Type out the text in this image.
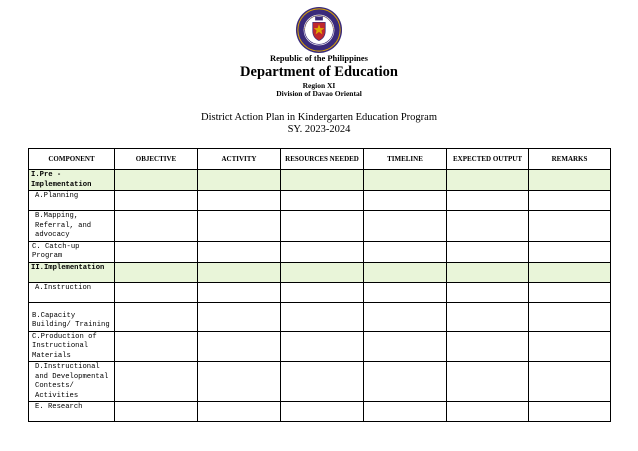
Republic of the Philippines
Department of Education
Region XI
Division of Davao Oriental
District Action Plan in Kindergarten Education Program
SY. 2023-2024
COMPONENT	OBJECTIVE	ACTIVITY	RESOURCES NEEDED	TIMELINE	EXPECTED OUTPUT	REMARKS
I.Pre - Implementation						
A.Planning						
B.Mapping, Referral, and advocacy						
C. Catch-up Program						
II.Implementation						
A.Instruction						
B.Capacity Building/ Training						
C.Production of Instructional Materials						
D.Instructional and Developmental Contests/ Activities						
E. Research						
